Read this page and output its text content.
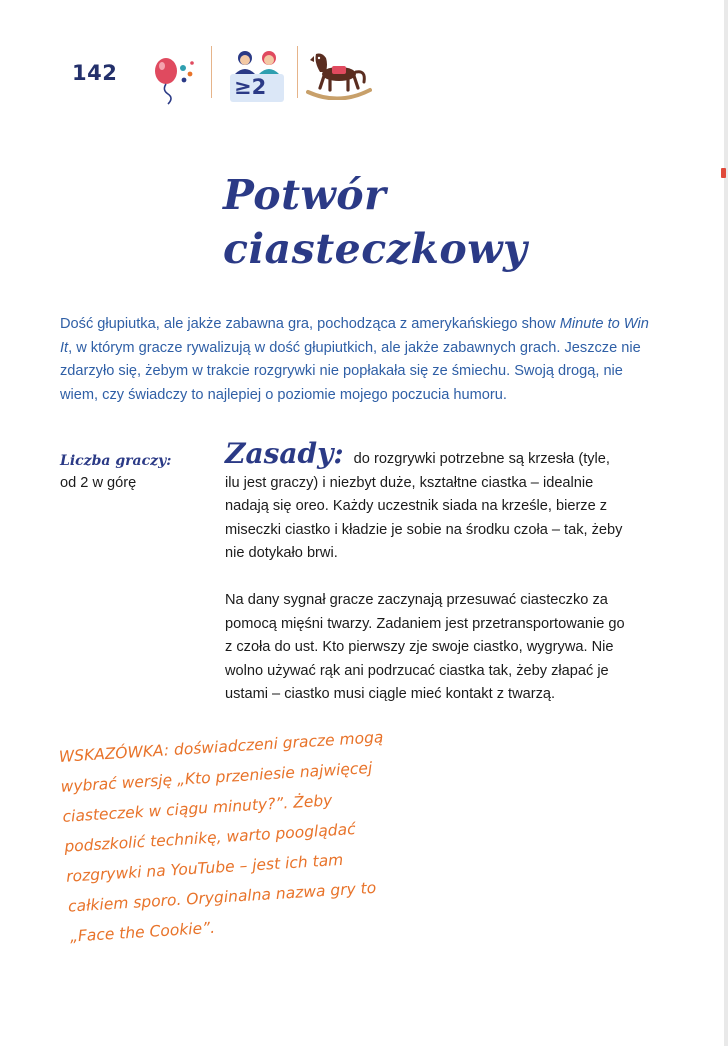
142
≥2
Potwór ciasteczkowy

Dość głupiutka, ale jakże zabawna gra, pochodząca z amerykańskiego show Minute to Win It, w którym gracze rywalizują w dość głupiutkich, ale jakże zabawnych grach. Jeszcze nie zdarzyło się, żebym w trakcie rozgrywki nie popłakała się ze śmiechu. Swoją drogą, nie wiem, czy świadczy to najlepiej o poziomie mojego poczucia humoru.

Liczba graczy:
od 2 w górę

Zasady: do rozgrywki potrzebne są krzesła (tyle, ilu jest graczy) i niezbyt duże, kształtne ciastka – idealnie nadają się oreo. Każdy uczestnik siada na krześle, bierze z miseczki ciastko i kładzie je sobie na środku czoła – tak, żeby nie dotykało brwi.

Na dany sygnał gracze zaczynają przesuwać ciasteczko za pomocą mięśni twarzy. Zadaniem jest przetransportowanie go z czoła do ust. Kto pierwszy zje swoje ciastko, wygrywa. Nie wolno używać rąk ani podrzucać ciastka tak, żeby złapać je ustami – ciastko musi ciągle mieć kontakt z twarzą.

WSKAZÓWKA: doświadczeni gracze mogą wybrać wersję „Kto przeniesie najwięcej ciasteczek w ciągu minuty?”. Żeby podszkolić technikę, warto pooglądać rozgrywki na YouTube – jest ich tam całkiem sporo. Oryginalna nazwa gry to „Face the Cookie”.
